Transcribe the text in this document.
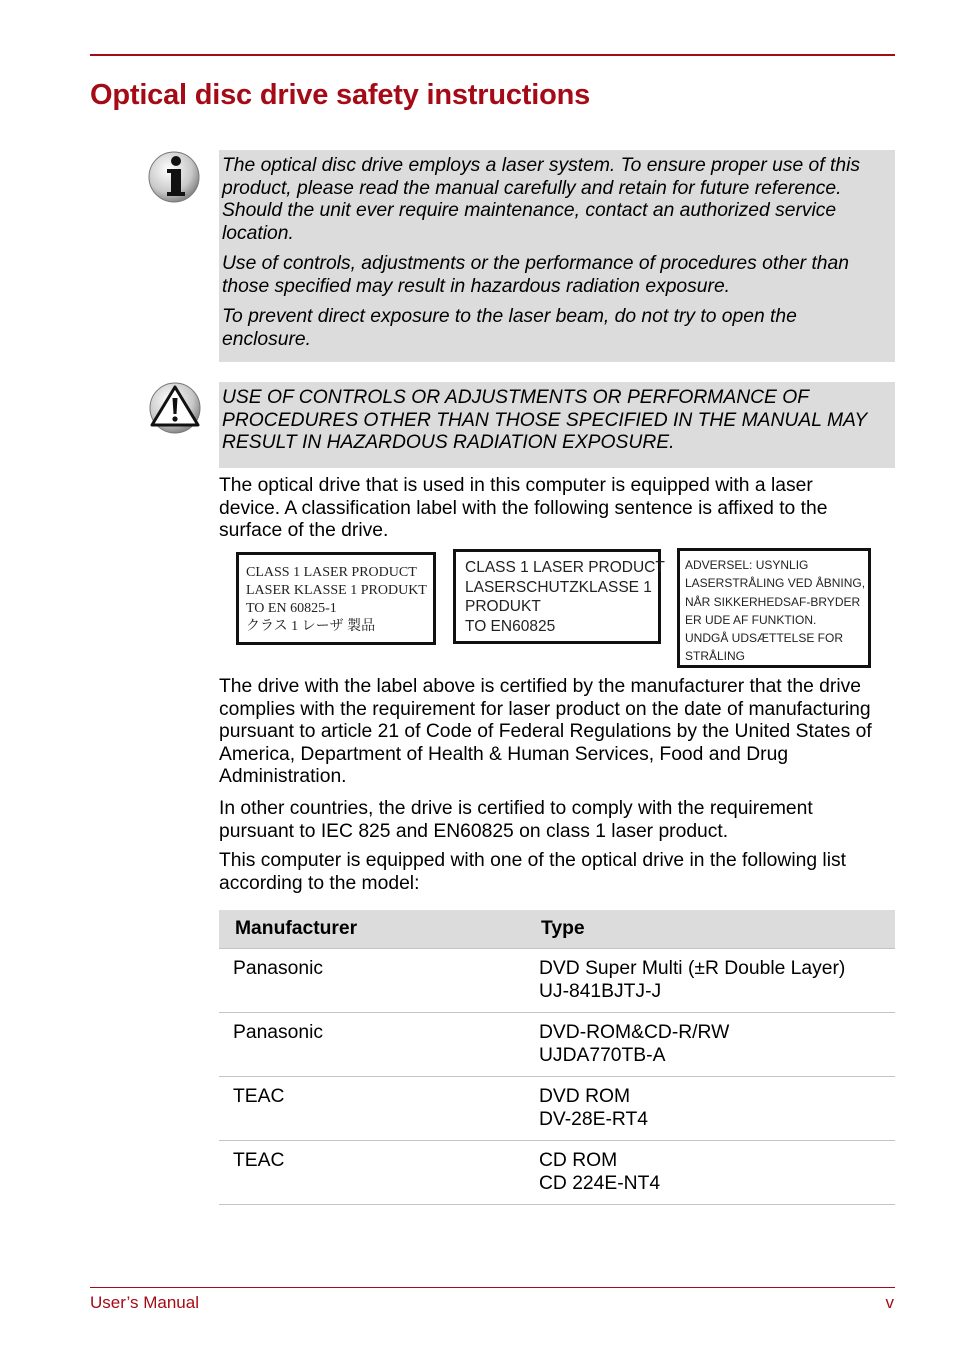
Optical disc drive safety instructions

The optical disc drive employs a laser system. To ensure proper use of this product, please read the manual carefully and retain for future reference. Should the unit ever require maintenance, contact an authorized service location.

Use of controls, adjustments or the performance of procedures other than those specified may result in hazardous radiation exposure.

To prevent direct exposure to the laser beam, do not try to open the enclosure.

USE OF CONTROLS OR ADJUSTMENTS OR PERFORMANCE OF PROCEDURES OTHER THAN THOSE SPECIFIED IN THE MANUAL MAY RESULT IN HAZARDOUS RADIATION EXPOSURE.

The optical drive that is used in this computer is equipped with a laser device. A classification label with the following sentence is affixed to the surface of the drive.

CLASS 1 LASER PRODUCT
LASER KLASSE 1 PRODUKT
TO EN 60825-1
クラス 1 レーザ 製品
CLASS 1 LASER PRODUCT
LASERSCHUTZKLASSE 1
PRODUKT
TO EN60825
ADVERSEL: USYNLIG
LASERSTRÅLING VED ÅBNING,
NÅR SIKKERHEDSAF-BRYDER
ER UDE AF FUNKTION.
UNDGÅ UDSÆTTELSE FOR
STRÅLING

The drive with the label above is certified by the manufacturer that the drive complies with the requirement for laser product on the date of manufacturing pursuant to article 21 of Code of Federal Regulations by the United States of America, Department of Health & Human Services, Food and Drug Administration.

In other countries, the drive is certified to comply with the requirement pursuant to IEC 825 and EN60825 on class 1 laser product.

This computer is equipped with one of the optical drive in the following list according to the model:

Manufacturer	Type
Panasonic	DVD Super Multi (±R Double Layer)
UJ-841BJTJ-J
Panasonic	DVD-ROM&CD-R/RW
UJDA770TB-A
TEAC	DVD ROM
DV-28E-RT4
TEAC	CD ROM
CD 224E-NT4
User’s Manual	v
